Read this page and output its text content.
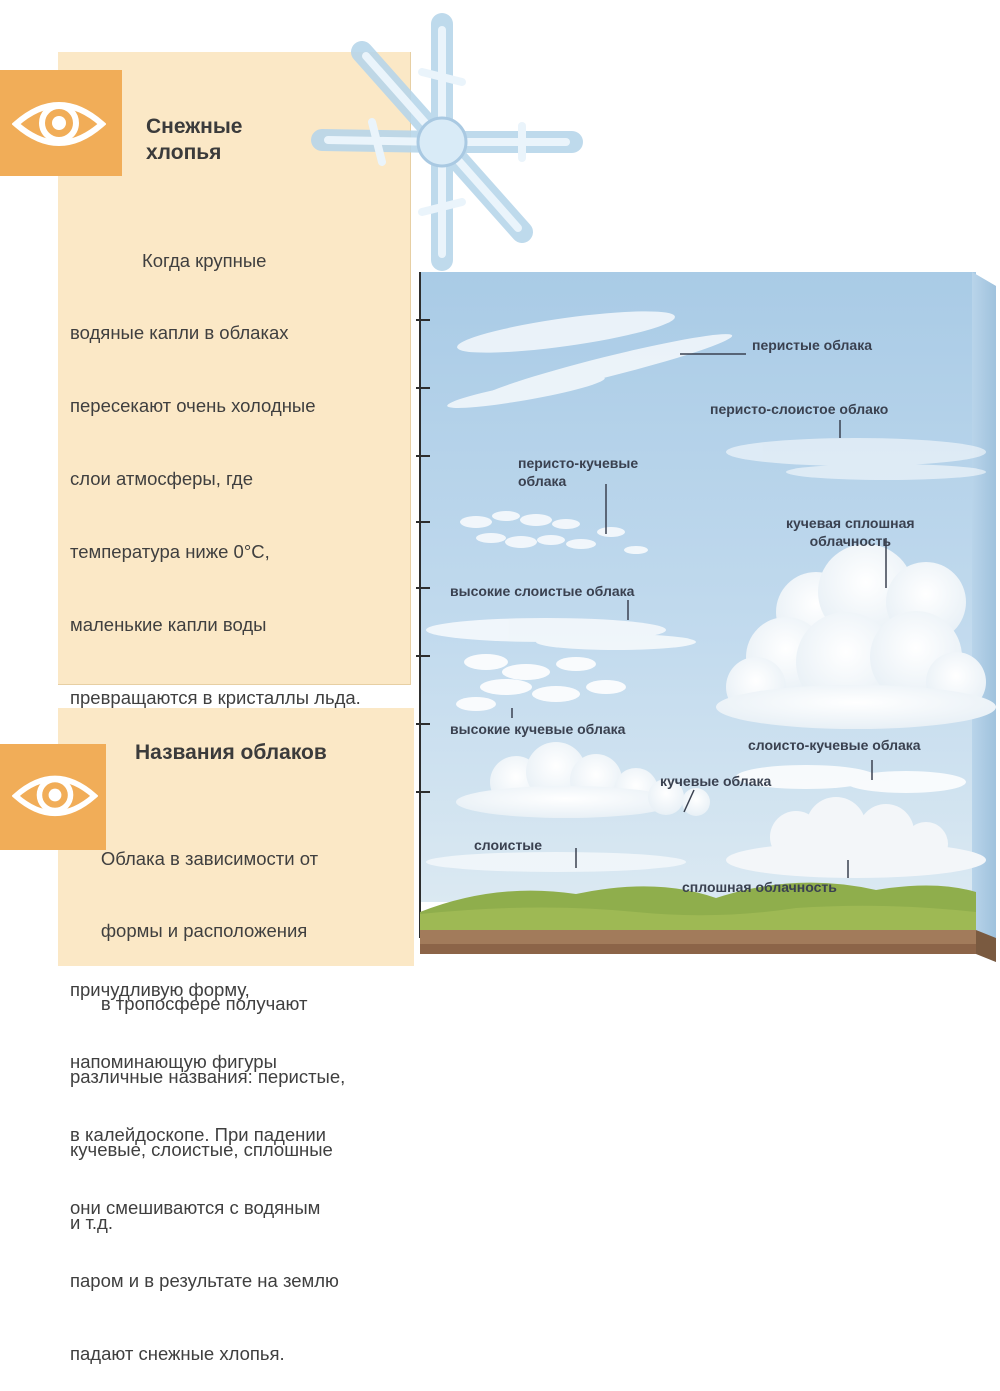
Снежные
хлопья

Когда крупные

водяные капли в облаках

пересекают очень холодные

слои атмосферы, где

температура ниже 0°C,

маленькие капли воды

превращаются в кристаллы льда.

причудливую форму,

напоминающую фигуры

в калейдоскопе. При падении

они смешиваются с водяным

паром и в результате на землю

падают снежные хлопья.

Названия облаков

Облака в зависимости от

формы и расположения

в тропосфере получают

различные названия: перистые,

кучевые, слоистые, сплошные

и т.д.

перистые облака
перисто-слоистое облако
перисто-кучевые
облака
кучевая сплошная
облачность
высокие слоистые облака
высокие кучевые облака
слоисто-кучевые облака
кучевые облака
слоистые
сплошная облачность
